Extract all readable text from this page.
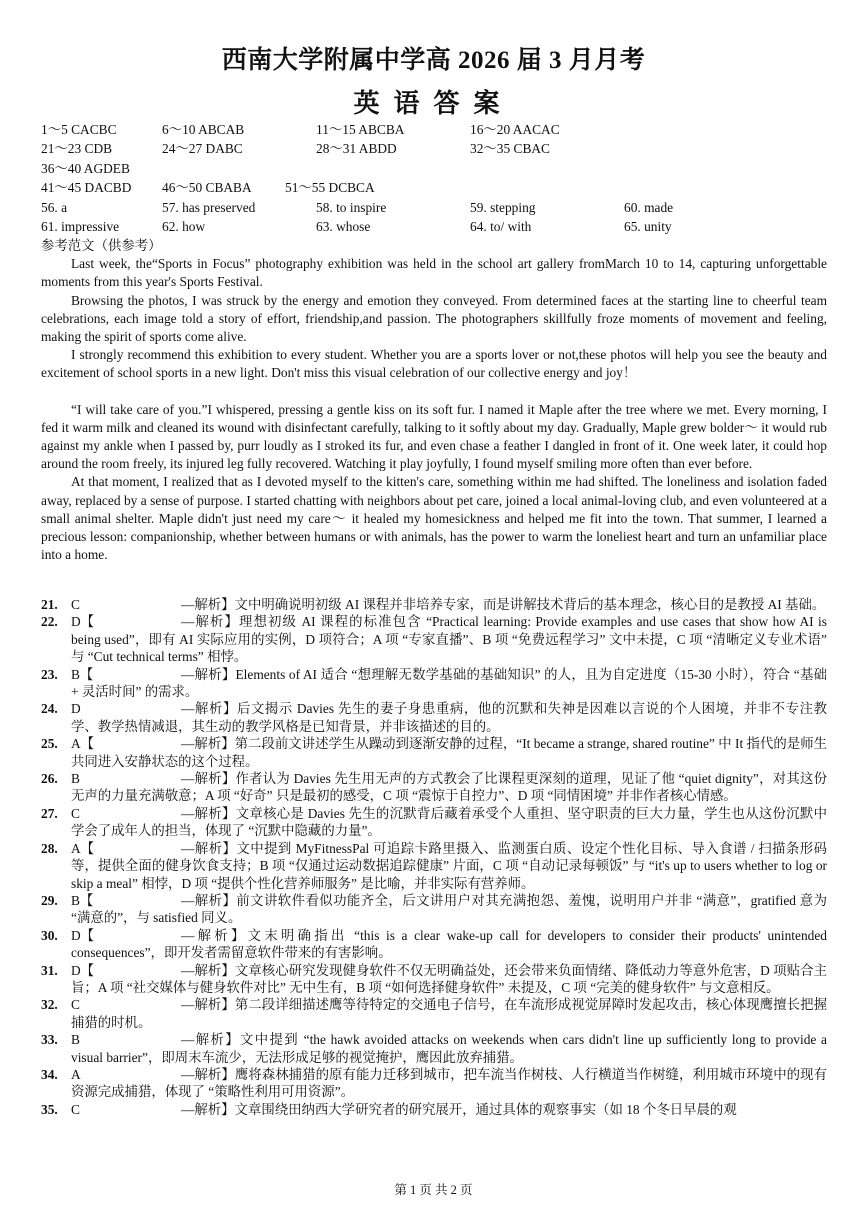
西南大学附属中学高 2026 届 3 月月考
英语答案
1～5 CACBC	6～10 ABCAB	11～15 ABCBA	16～20 AACAC
21～23 CDB	24～27 DABC	28～31 ABDD	32～35 CBAC
36～40 AGDEB
41～45 DACBD	46～50 CBABA	51～55 DCBCA
56. a	57. has preserved	58. to inspire	59. stepping	60. made
61. impressive	62. how	63. whose	64. to/ with	65. unity

参考范文（供参考）

Last week, the“Sports in Focus” photography exhibition was held in the school art gallery fromMarch 10 to 14, capturing unforgettable moments from this year's Sports Festival.

Browsing the photos, I was struck by the energy and emotion they conveyed. From determined faces at the starting line to cheerful team celebrations, each image told a story of effort, friendship,and passion. The photographers skillfully froze moments of movement and feeling, making the spirit of sports come alive.

I strongly recommend this exhibition to every student. Whether you are a sports lover or not,these photos will help you see the beauty and excitement of school sports in a new light. Don't miss this visual celebration of our collective energy and joy！

“I will take care of you.”I whispered, pressing a gentle kiss on its soft fur. I named it Maple after the tree where we met. Every morning, I fed it warm milk and cleaned its wound with disinfectant carefully, talking to it softly about my day. Gradually, Maple grew bolder～ it would rub against my ankle when I passed by, purr loudly as I stroked its fur, and even chase a feather I dangled in front of it. One week later, it could hop around the room freely, its injured leg fully recovered. Watching it play joyfully, I found myself smiling more often than ever before.

At that moment, I realized that as I devoted myself to the kitten's care, something within me had shifted. The loneliness and isolation faded away, replaced by a sense of purpose. I started chatting with neighbors about pet care, joined a local animal-loving club, and even volunteered at a small animal shelter. Maple didn't just need my care～ it healed my homesickness and helped me fit into the town. That summer, I learned a precious lesson: companionship, whether between humans or with animals, has the power to warm the loneliest heart and turn an unfamiliar place into a home.

21. C	—解析】文中明确说明初级 AI 课程并非培养专家，而是讲解技术背后的基本理念，核心目的是教授 AI 基础。
22. D【	—解析】理想初级 AI 课程的标准包含 “Practical learning: Provide examples and use cases that show how AI is being used”，即有 AI 实际应用的实例，D 项符合；A 项 “专家直播”、B 项 “免费远程学习” 文中未提，C 项 “清晰定义专业术语” 与 “Cut technical terms” 相悖。
23. B【	—解析】Elements of AI 适合 “想理解无数学基础的基础知识” 的人，且为自定进度（15-30 小时），符合 “基础 + 灵活时间” 的需求。
24. D	—解析】后文揭示 Davies 先生的妻子身患重病，他的沉默和失神是因难以言说的个人困境，并非不专注教学、教学热情减退，其生动的教学风格是已知背景，并非该描述的目的。
25. A【	—解析】第二段前文讲述学生从躁动到逐渐安静的过程，“It became a strange, shared routine” 中 It 指代的是师生共同进入安静状态的这个过程。
26. B	—解析】作者认为 Davies 先生用无声的方式教会了比课程更深刻的道理，见证了他 “quiet dignity”，对其这份无声的力量充满敬意；A 项 “好奇” 只是最初的感受，C 项 “震惊于自控力”、D 项 “同情困境” 并非作者核心情感。
27. C	—解析】文章核心是 Davies 先生的沉默背后藏着承受个人重担、坚守职责的巨大力量，学生也从这份沉默中学会了成年人的担当，体现了 “沉默中隐藏的力量”。
28. A【	—解析】文中提到 MyFitnessPal 可追踪卡路里摄入、监测蛋白质、设定个性化目标、导入食谱 / 扫描条形码等，提供全面的健身饮食支持；B 项 “仅通过运动数据追踪健康” 片面，C 项 “自动记录每顿饭” 与 “it's up to users whether to log or skip a meal” 相悖，D 项 “提供个性化营养师服务” 是比喻，并非实际有营养师。
29. B【	—解析】前文讲软件看似功能齐全，后文讲用户对其充满抱怨、羞愧，说明用户并非 “满意”，gratified 意为 “满意的”，与 satisfied 同义。
30. D【	—解析】文末明确指出 “this is a clear wake-up call for developers to consider their products' unintended consequences”，即开发者需留意软件带来的有害影响。
31. D【	—解析】文章核心研究发现健身软件不仅无明确益处，还会带来负面情绪、降低动力等意外危害，D 项贴合主旨；A 项 “社交媒体与健身软件对比” 无中生有，B 项 “如何选择健身软件” 未提及，C 项 “完美的健身软件” 与文意相反。
32. C	—解析】第二段详细描述鹰等待特定的交通电子信号，在车流形成视觉屏障时发起攻击，核心体现鹰擅长把握捕猎的时机。
33. B	—解析】文中提到 “the hawk avoided attacks on weekends when cars didn't line up sufficiently long to provide a visual barrier”，即周末车流少，无法形成足够的视觉掩护，鹰因此放弃捕猎。
34. A	—解析】鹰将森林捕猎的原有能力迁移到城市，把车流当作树枝、人行横道当作树缝，利用城市环境中的现有资源完成捕猎，体现了 “策略性利用可用资源”。
35. C	—解析】文章围绕田纳西大学研究者的研究展开，通过具体的观察事实（如 18 个冬日早晨的观
第 1 页 共 2 页
